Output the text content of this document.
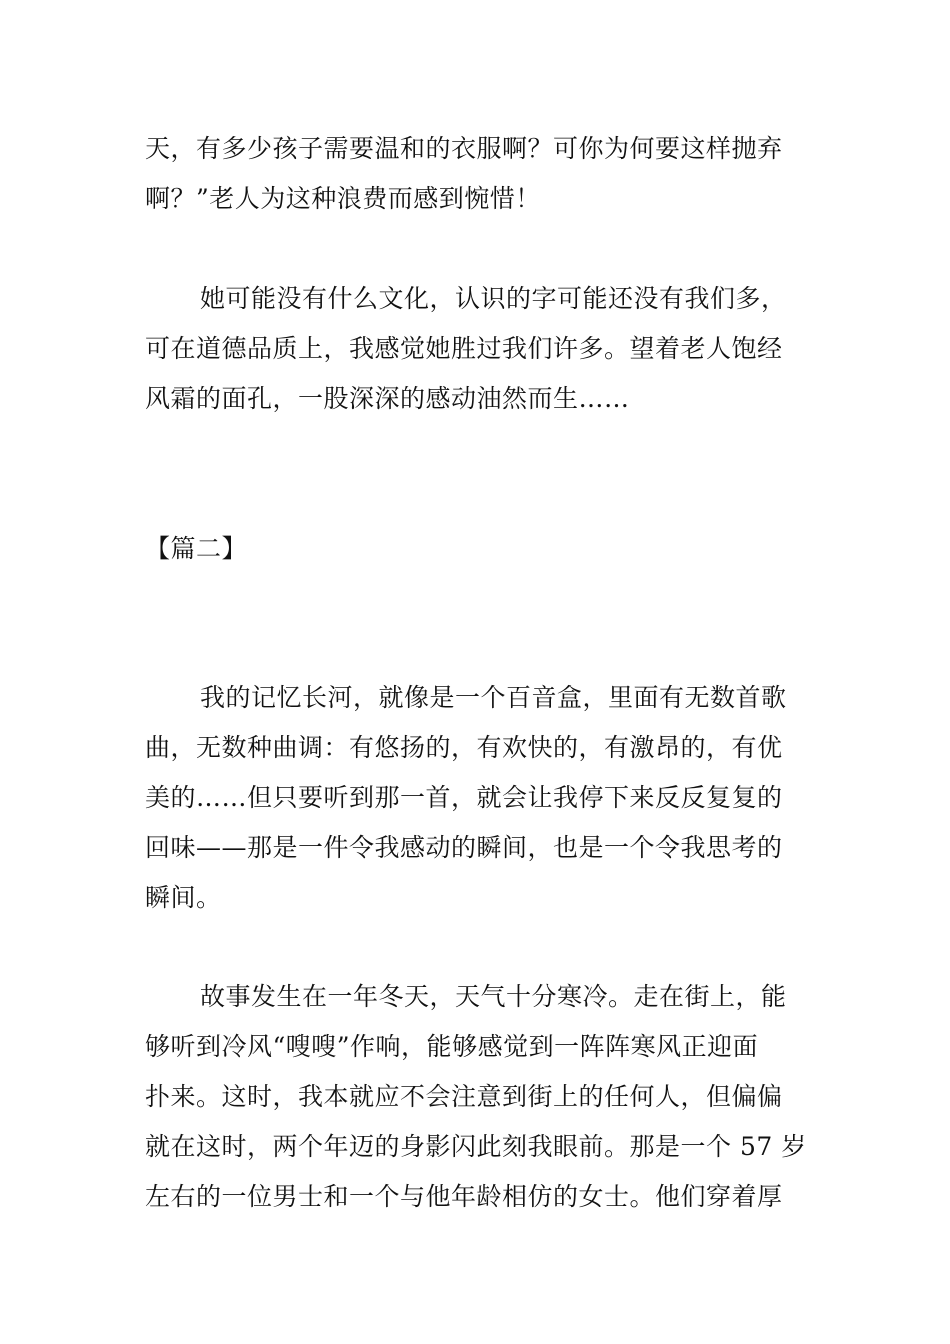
天，有多少孩子需要温和的衣服啊？可你为何要这样抛弃
啊？”老人为这种浪费而感到惋惜！
她可能没有什么文化，认识的字可能还没有我们多，
可在道德品质上，我感觉她胜过我们许多。望着老人饱经
风霜的面孔，一股深深的感动油然而生……
【篇二】
我的记忆长河，就像是一个百音盒，里面有无数首歌
曲，无数种曲调：有悠扬的，有欢快的，有激昂的，有优
美的……但只要听到那一首，就会让我停下来反反复复的
回味——那是一件令我感动的瞬间，也是一个令我思考的
瞬间。
故事发生在一年冬天，天气十分寒冷。走在街上，能
够听到冷风“嗖嗖”作响，能够感觉到一阵阵寒风正迎面
扑来。这时，我本就应不会注意到街上的任何人，但偏偏
就在这时，两个年迈的身影闪此刻我眼前。那是一个 57 岁
左右的一位男士和一个与他年龄相仿的女士。他们穿着厚
